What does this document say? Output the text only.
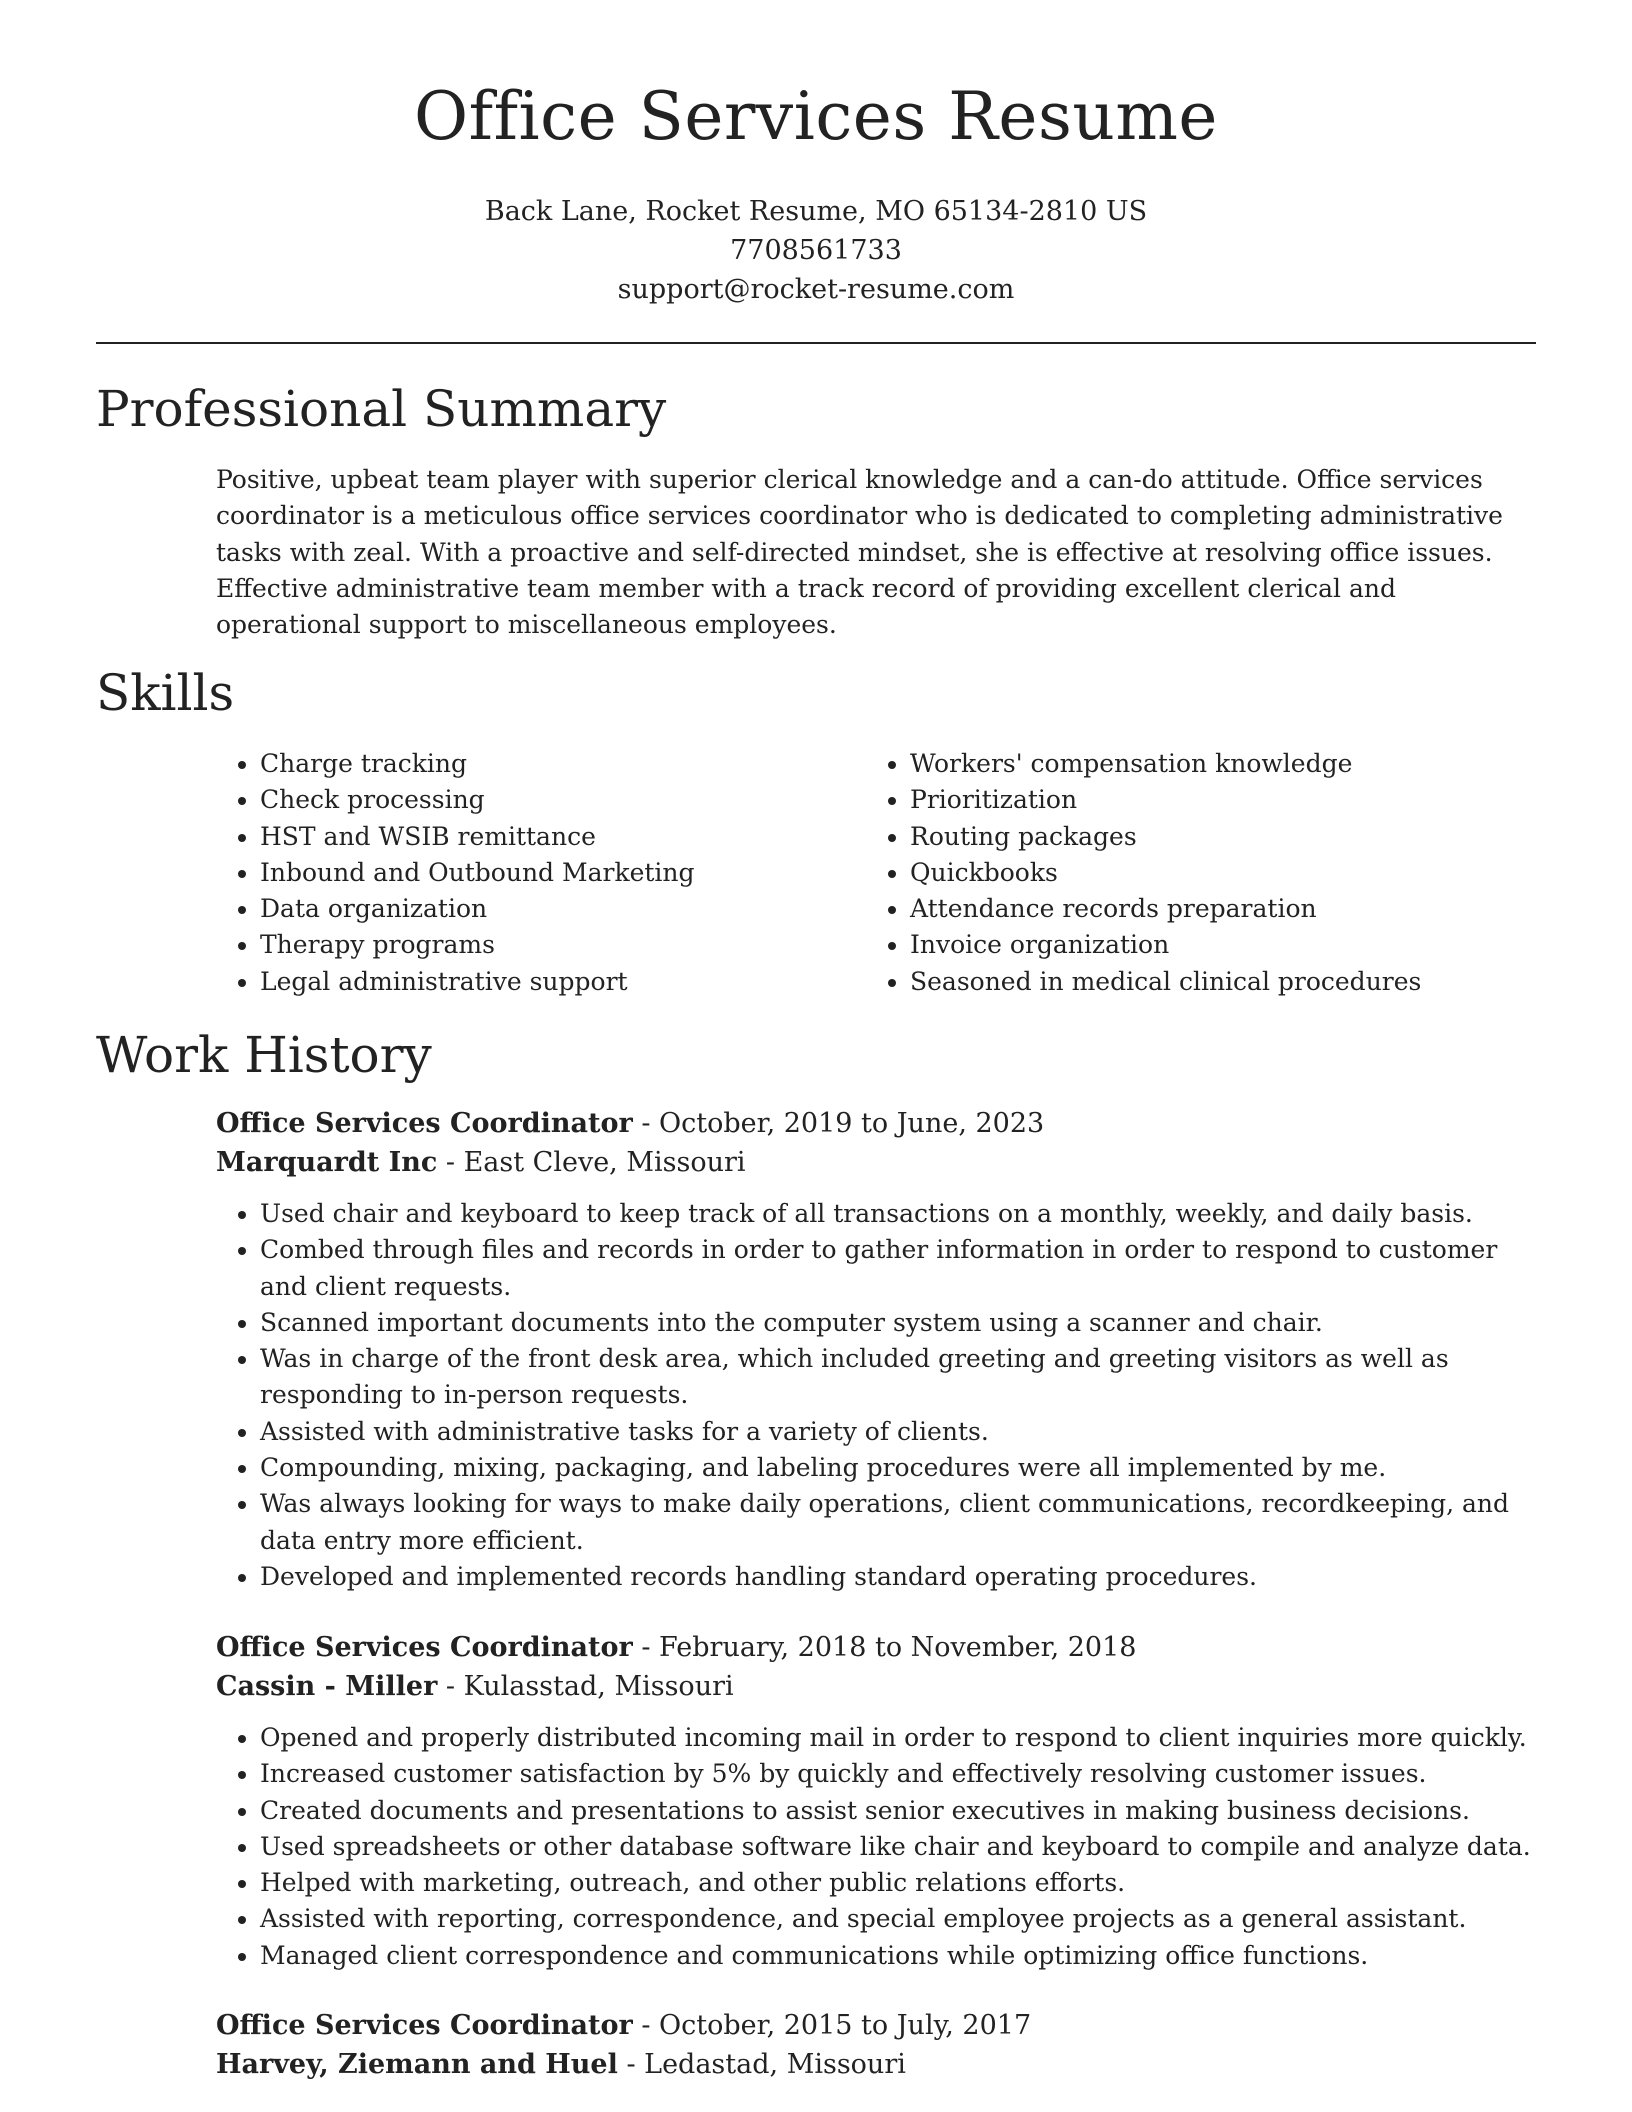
Office Services Resume
Back Lane, Rocket Resume, MO 65134-2810 US
7708561733
support@rocket-resume.com
Professional Summary

Positive, upbeat team player with superior clerical knowledge and a can-do attitude. Office services coordinator is a meticulous office services coordinator who is dedicated to completing administrative tasks with zeal. With a proactive and self-directed mindset, she is effective at resolving office issues. Effective administrative team member with a track record of providing excellent clerical and operational support to miscellaneous employees.

Skills
• Charge tracking
• Check processing
• HST and WSIB remittance
• Inbound and Outbound Marketing
• Data organization
• Therapy programs
• Legal administrative support
• Workers' compensation knowledge
• Prioritization
• Routing packages
• Quickbooks
• Attendance records preparation
• Invoice organization
• Seasoned in medical clinical procedures
Work History
Office Services Coordinator - October, 2019 to June, 2023
Marquardt Inc - East Cleve, Missouri
• Used chair and keyboard to keep track of all transactions on a monthly, weekly, and daily basis.
• Combed through files and records in order to gather information in order to respond to customer and client requests.
• Scanned important documents into the computer system using a scanner and chair.
• Was in charge of the front desk area, which included greeting and greeting visitors as well as responding to in-person requests.
• Assisted with administrative tasks for a variety of clients.
• Compounding, mixing, packaging, and labeling procedures were all implemented by me.
• Was always looking for ways to make daily operations, client communications, recordkeeping, and data entry more efficient.
• Developed and implemented records handling standard operating procedures.
Office Services Coordinator - February, 2018 to November, 2018
Cassin - Miller - Kulasstad, Missouri
• Opened and properly distributed incoming mail in order to respond to client inquiries more quickly.
• Increased customer satisfaction by 5% by quickly and effectively resolving customer issues.
• Created documents and presentations to assist senior executives in making business decisions.
• Used spreadsheets or other database software like chair and keyboard to compile and analyze data.
• Helped with marketing, outreach, and other public relations efforts.
• Assisted with reporting, correspondence, and special employee projects as a general assistant.
• Managed client correspondence and communications while optimizing office functions.
Office Services Coordinator - October, 2015 to July, 2017
Harvey, Ziemann and Huel - Ledastad, Missouri
